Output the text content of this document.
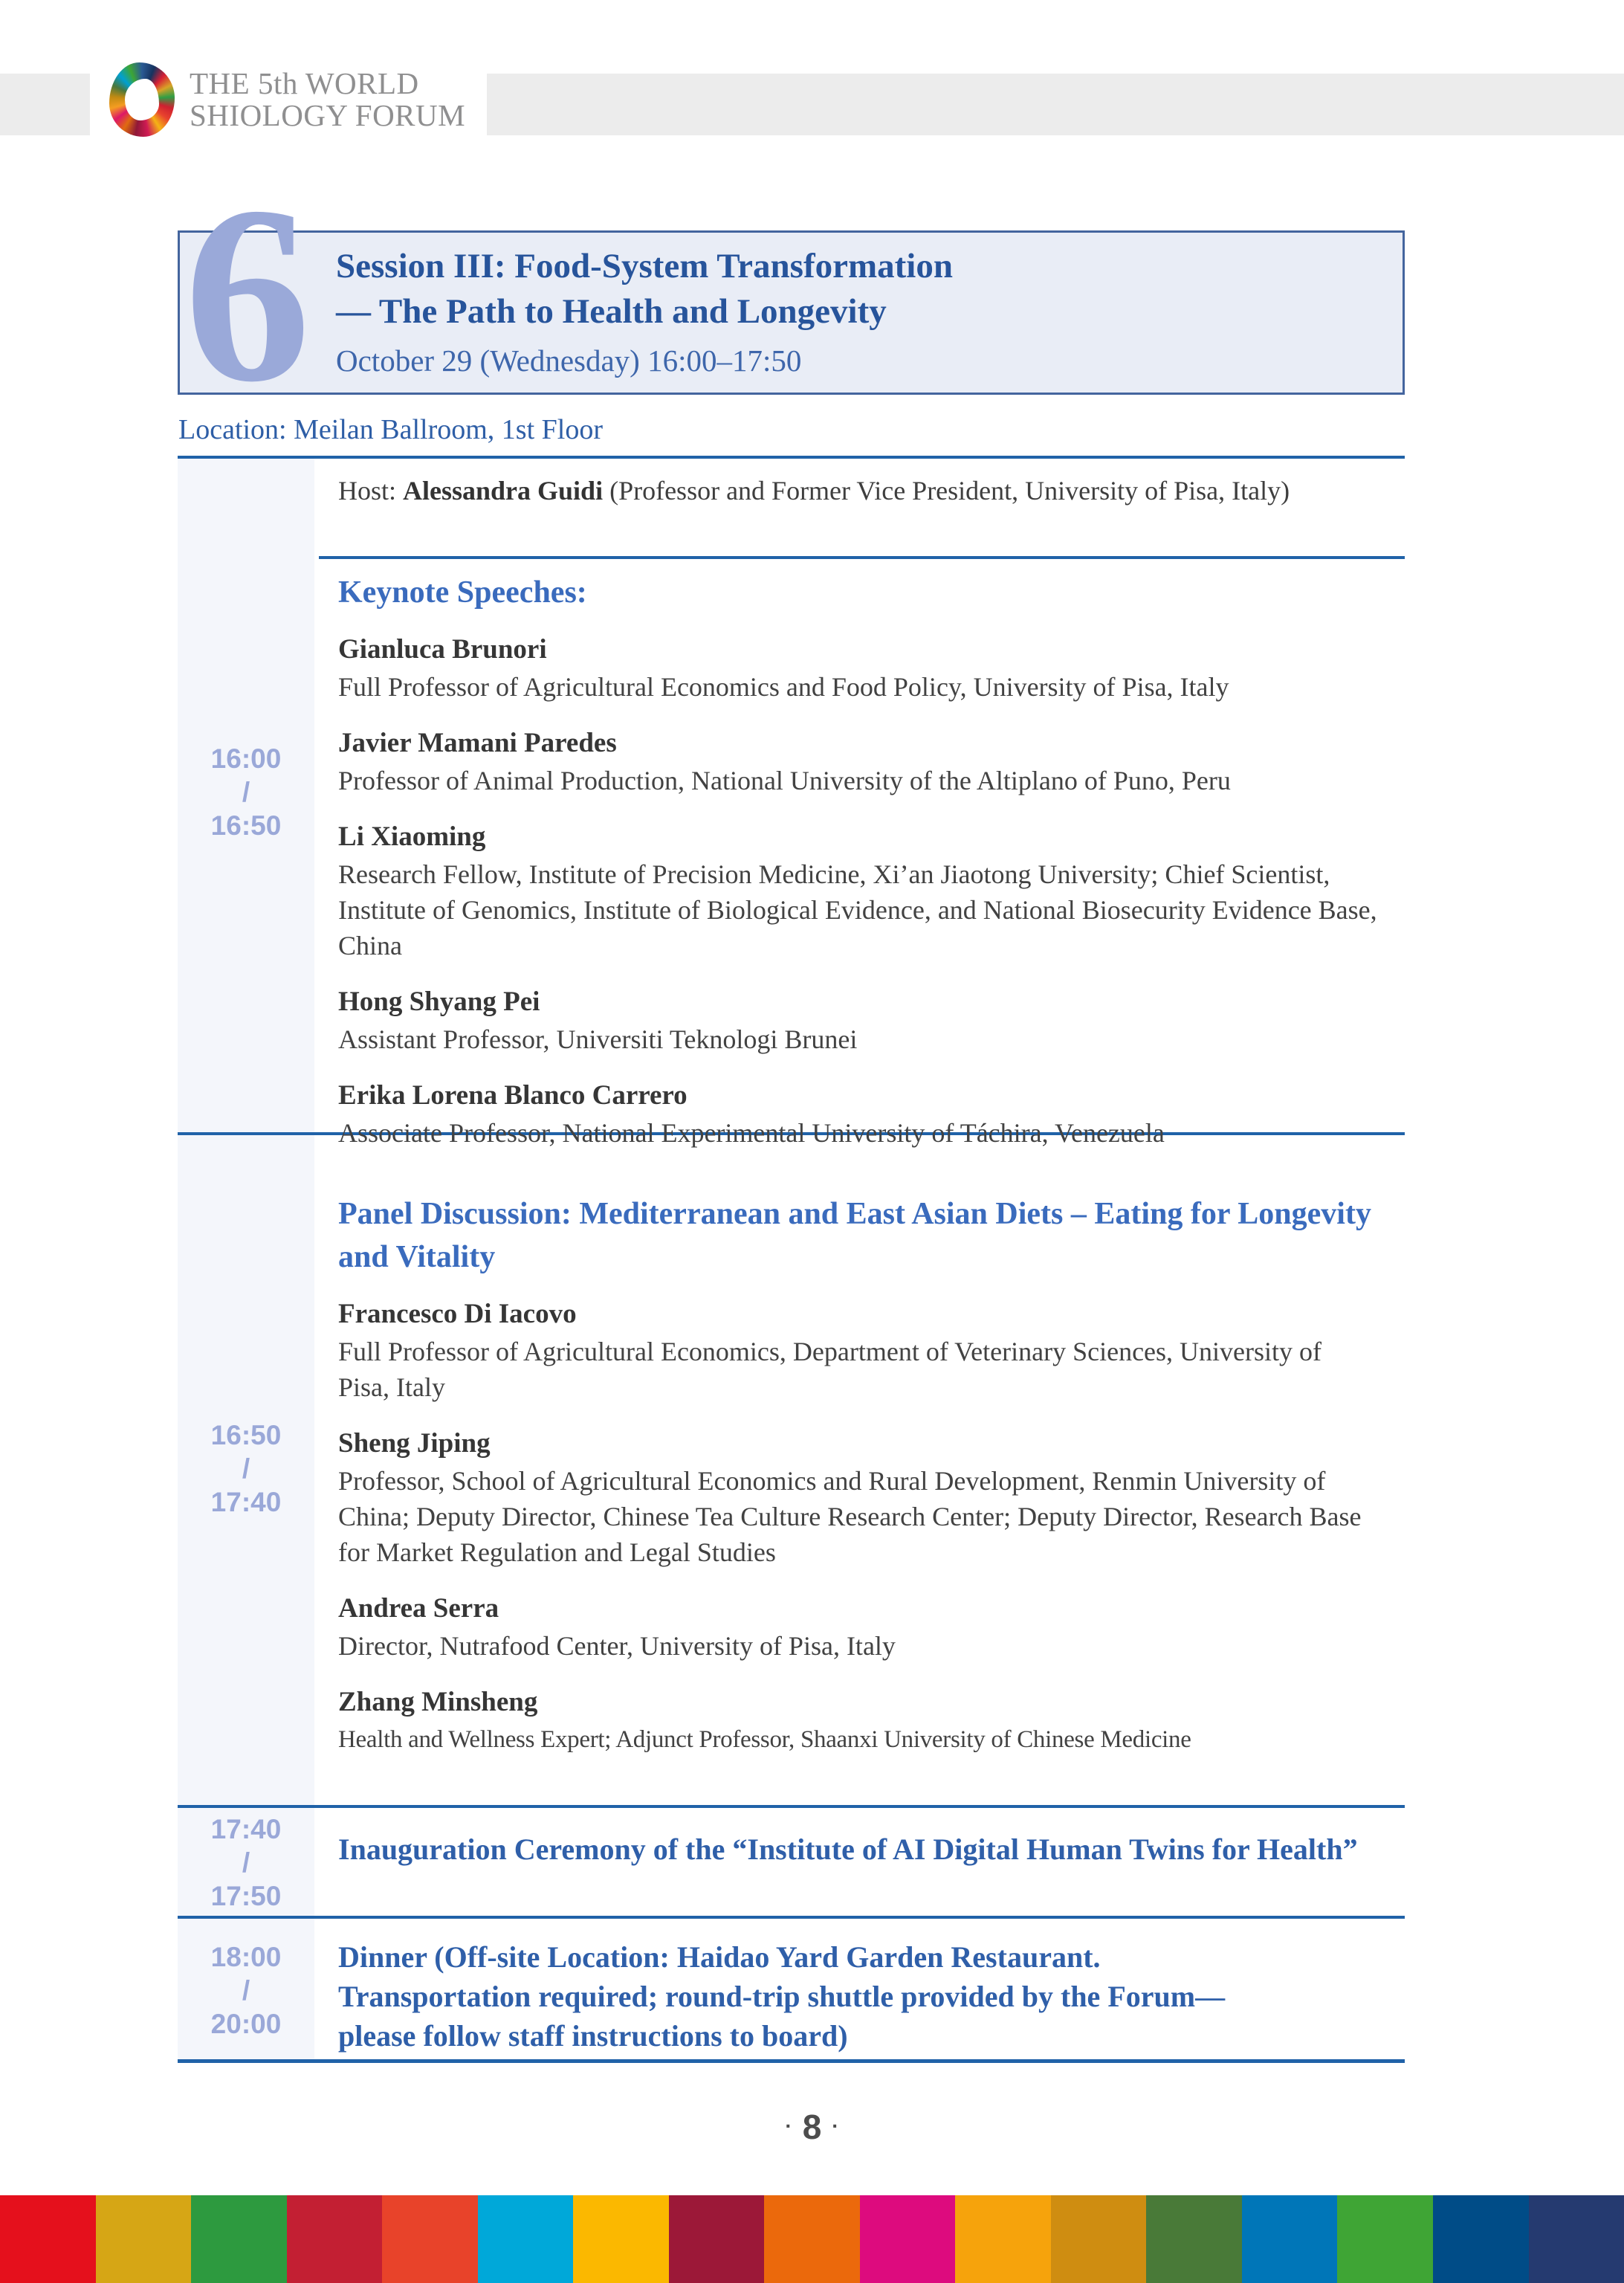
THE 5th WORLD
SHIOLOGY FORUM
6 Session III: Food-System Transformation
— The Path to Health and Longevity
October 29 (Wednesday) 16:00–17:50
Location: Meilan Ballroom, 1st Floor
16:00
/
16:50
16:50
/
17:40
17:40
/
17:50
18:00
/
20:00
Host: Alessandra Guidi (Professor and Former Vice President, University of Pisa, Italy)
Keynote Speeches:
Gianluca Brunori
Full Professor of Agricultural Economics and Food Policy, University of Pisa, Italy
Javier Mamani Paredes
Professor of Animal Production, National University of the Altiplano of Puno, Peru
Li Xiaoming
Research Fellow, Institute of Precision Medicine, Xi’an Jiaotong University; Chief Scientist, Institute of Genomics, Institute of Biological Evidence, and National Biosecurity Evidence Base, China
Hong Shyang Pei
Assistant Professor, Universiti Teknologi Brunei
Erika Lorena Blanco Carrero
Associate Professor, National Experimental University of Táchira, Venezuela
Panel Discussion: Mediterranean and East Asian Diets – Eating for Longevity and Vitality
Francesco Di Iacovo
Full Professor of Agricultural Economics, Department of Veterinary Sciences, University of Pisa, Italy
Sheng Jiping
Professor, School of Agricultural Economics and Rural Development, Renmin University of China; Deputy Director, Chinese Tea Culture Research Center; Deputy Director, Research Base for Market Regulation and Legal Studies
Andrea Serra
Director, Nutrafood Center, University of Pisa, Italy
Zhang Minsheng
Health and Wellness Expert; Adjunct Professor, Shaanxi University of Chinese Medicine
Inauguration Ceremony of the “Institute of AI Digital Human Twins for Health”
Dinner (Off-site Location: Haidao Yard Garden Restaurant.
Transportation required; round-trip shuttle provided by the Forum—
please follow staff instructions to board)
· 8 ·
